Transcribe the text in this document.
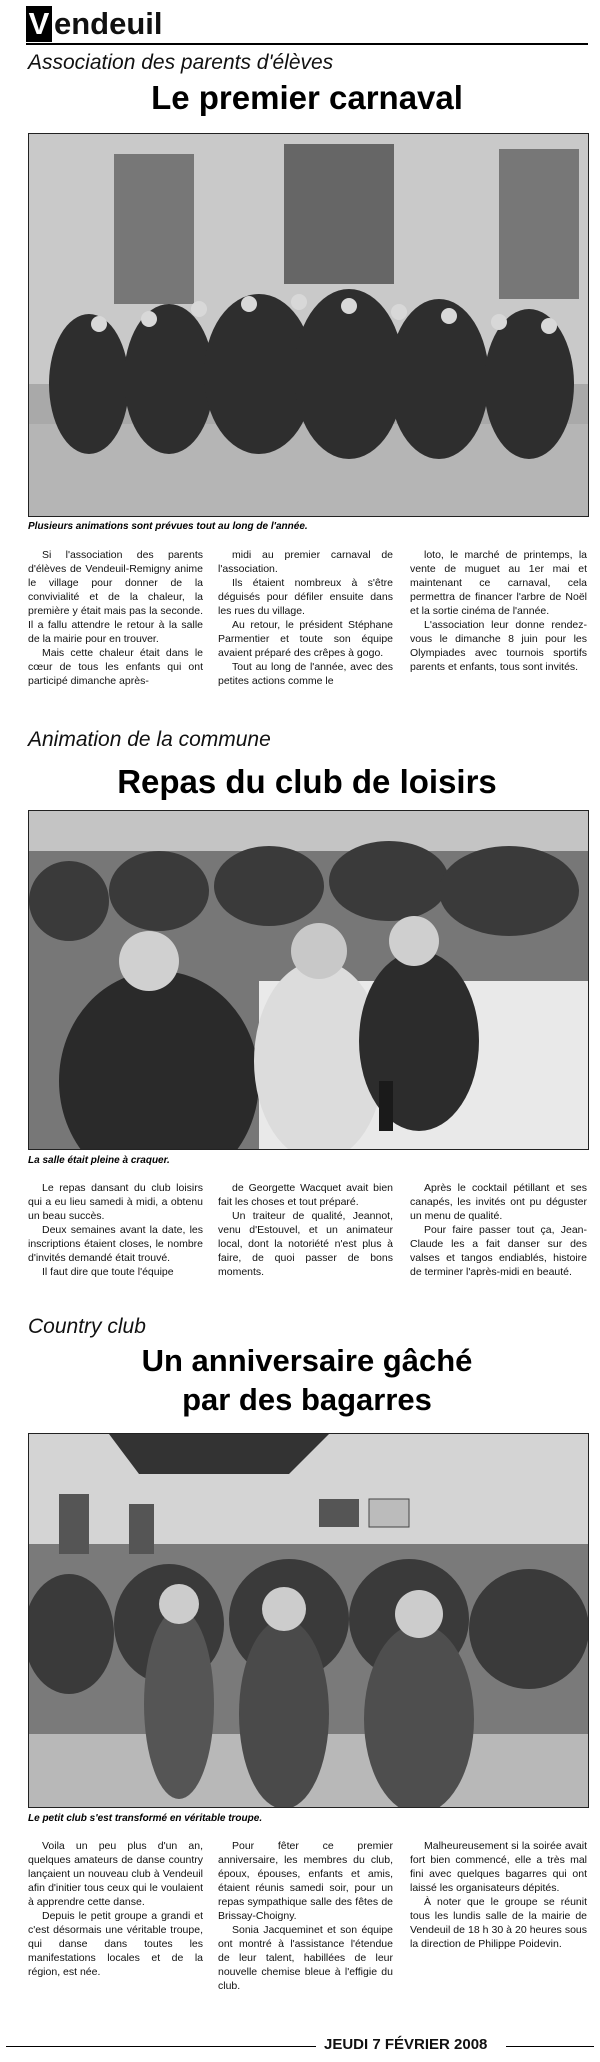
V endeuil
Association des parents d'élèves
Le premier carnaval
Plusieurs animations sont prévues tout au long de l'année.

Si l'association des parents d'élèves de Vendeuil-Remigny anime le village pour donner de la convivialité et de la chaleur, la première y était mais pas la seconde. Il a fallu attendre le retour à la salle de la mairie pour en trouver.

Mais cette chaleur était dans le cœur de tous les enfants qui ont participé dimanche après-

midi au premier carnaval de l'association.

Ils étaient nombreux à s'être déguisés pour défiler ensuite dans les rues du village.

Au retour, le président Stéphane Parmentier et toute son équipe avaient préparé des crêpes à gogo.

Tout au long de l'année, avec des petites actions comme le

loto, le marché de printemps, la vente de muguet au 1er mai et maintenant ce carnaval, cela permettra de financer l'arbre de Noël et la sortie cinéma de l'année.

L'association leur donne rendez-vous le dimanche 8 juin pour les Olympiades avec tournois sportifs parents et enfants, tous sont invités.

Animation de la commune
Repas du club de loisirs
La salle était pleine à craquer.

Le repas dansant du club loisirs qui a eu lieu samedi à midi, a obtenu un beau succès.

Deux semaines avant la date, les inscriptions étaient closes, le nombre d'invités demandé était trouvé.

Il faut dire que toute l'équipe

de Georgette Wacquet avait bien fait les choses et tout préparé.

Un traiteur de qualité, Jeannot, venu d'Estouvel, et un animateur local, dont la notoriété n'est plus à faire, de quoi passer de bons moments.

Après le cocktail pétillant et ses canapés, les invités ont pu déguster un menu de qualité.

Pour faire passer tout ça, Jean-Claude les a fait danser sur des valses et tangos endiablés, histoire de terminer l'après-midi en beauté.

Country club
Un anniversaire gâché
par des bagarres
Le petit club s'est transformé en véritable troupe.

Voila un peu plus d'un an, quelques amateurs de danse country lançaient un nouveau club à Vendeuil afin d'initier tous ceux qui le voulaient à apprendre cette danse.

Depuis le petit groupe a grandi et c'est désormais une véritable troupe, qui danse dans toutes les manifestations locales et de la région, est née.

Pour fêter ce premier anniversaire, les membres du club, époux, épouses, enfants et amis, étaient réunis samedi soir, pour un repas sympathique salle des fêtes de Brissay-Choigny.

Sonia Jacqueminet et son équipe ont montré à l'assistance l'étendue de leur talent, habillées de leur nouvelle chemise bleue à l'effigie du club.

Malheureusement si la soirée avait fort bien commencé, elle a très mal fini avec quelques bagarres qui ont laissé les organisateurs dépités.

À noter que le groupe se réunit tous les lundis salle de la mairie de Vendeuil de 18 h 30 à 20 heures sous la direction de Philippe Poidevin.

JEUDI 7 FÉVRIER 2008
